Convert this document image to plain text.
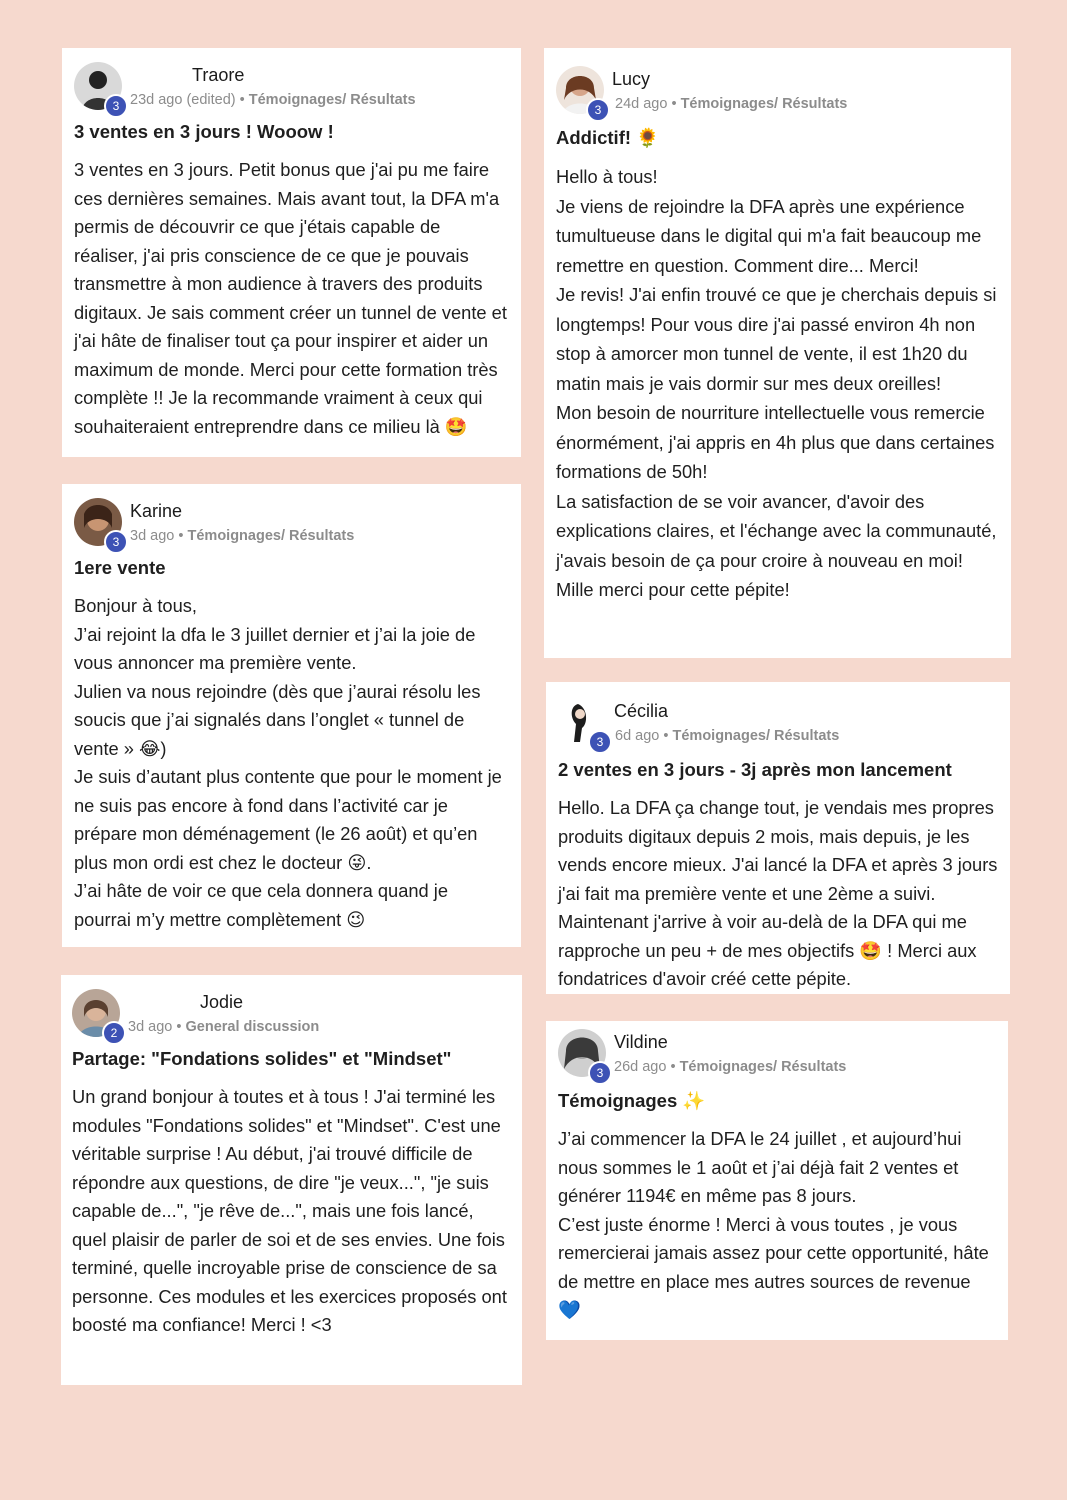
3
Traore
23d ago (edited) • Témoignages/ Résultats
3 ventes en 3 jours ! Wooow !
3 ventes en 3 jours. Petit bonus que j'ai pu me faire ces dernières semaines. Mais avant tout, la DFA m'a permis de découvrir ce que j'étais capable de réaliser, j'ai pris conscience de ce que je pouvais transmettre à mon audience à travers des produits digitaux. Je sais comment créer un tunnel de vente et j'ai hâte de finaliser tout ça pour inspirer et aider un maximum de monde. Merci pour cette formation très complète !! Je la recommande vraiment à ceux qui souhaiteraient entreprendre dans ce milieu là 🤩
3
Karine
3d ago • Témoignages/ Résultats
1ere vente
Bonjour à tous,
J’ai rejoint la dfa le 3 juillet dernier et j’ai la joie de vous annoncer ma première vente.
Julien va nous rejoindre (dès que j’aurai résolu les soucis que j’ai signalés dans l’onglet « tunnel de vente » 😂)
Je suis d’autant plus contente que pour le moment je ne suis pas encore à fond dans l’activité car je prépare mon déménagement (le 26 août) et qu’en plus mon ordi est chez le docteur 😜.
J’ai hâte de voir ce que cela donnera quand je pourrai m’y mettre complètement 😉
2
Jodie
3d ago • General discussion
Partage: "Fondations solides" et "Mindset"
Un grand bonjour à toutes et à tous ! J'ai terminé les modules "Fondations solides" et "Mindset". C'est une véritable surprise ! Au début, j'ai trouvé difficile de répondre aux questions, de dire "je veux...", "je suis capable de...", "je rêve de...", mais une fois lancé, quel plaisir de parler de soi et de ses envies. Une fois terminé, quelle incroyable prise de conscience de sa personne. Ces modules et les exercices proposés ont boosté ma confiance! Merci ! <3
3
Lucy
24d ago • Témoignages/ Résultats
Addictif! 🌻
Hello à tous!
Je viens de rejoindre la DFA après une expérience tumultueuse dans le digital qui m'a fait beaucoup me remettre en question. Comment dire... Merci!
Je revis! J'ai enfin trouvé ce que je cherchais depuis si longtemps! Pour vous dire j'ai passé environ 4h non stop à amorcer mon tunnel de vente, il est 1h20 du matin mais je vais dormir sur mes deux oreilles!
Mon besoin de nourriture intellectuelle vous remercie énormément, j'ai appris en 4h plus que dans certaines formations de 50h!
La satisfaction de se voir avancer, d'avoir des explications claires, et l'échange avec la communauté, j'avais besoin de ça pour croire à nouveau en moi!
Mille merci pour cette pépite!
3
Cécilia
6d ago • Témoignages/ Résultats
2 ventes en 3 jours - 3j après mon lancement
Hello. La DFA ça change tout, je vendais mes propres produits digitaux depuis 2 mois, mais depuis, je les vends encore mieux. J'ai lancé la DFA et après 3 jours j'ai fait ma première vente et une 2ème a suivi. Maintenant j'arrive à voir au-delà de la DFA qui me rapproche un peu + de mes objectifs 🤩 ! Merci aux fondatrices d'avoir créé cette pépite.
3
Vildine
26d ago • Témoignages/ Résultats
Témoignages ✨
J’ai commencer la DFA le 24 juillet , et aujourd’hui nous sommes le 1 août et j’ai déjà fait 2 ventes et générer 1194€ en même pas 8 jours.
C’est juste énorme ! Merci à vous toutes , je vous remercierai jamais assez pour cette opportunité, hâte de mettre en place mes autres sources de revenue 💙
